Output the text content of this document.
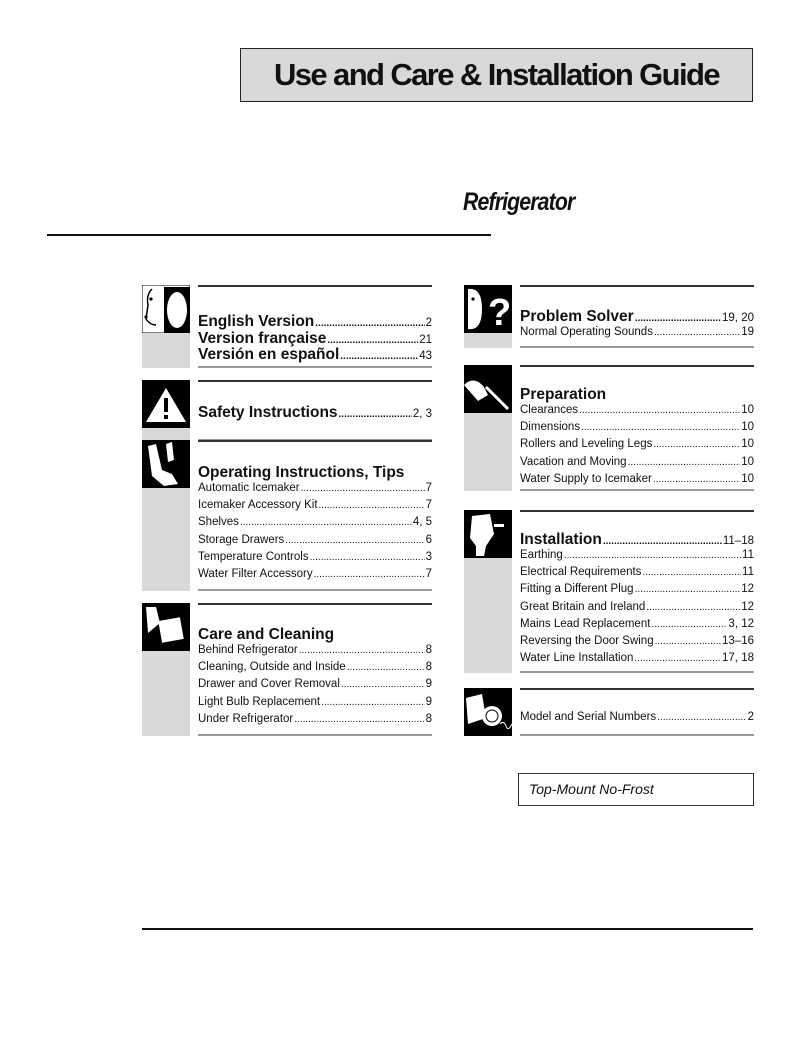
Use and Care & Installation Guide
Refrigerator
English Version .....	2
Version française .....	21
Versión en español .....	43
Safety Instructions .....	2, 3
Operating Instructions, Tips
Automatic Icemaker .....	7
Icemaker Accessory Kit .....	7
Shelves .....	4, 5
Storage Drawers .....	6
Temperature Controls .....	3
Water Filter Accessory .....	7
Care and Cleaning
Behind Refrigerator .....	8
Cleaning, Outside and Inside .....	8
Drawer and Cover Removal .....	9
Light Bulb Replacement .....	9
Under Refrigerator .....	8
? Problem Solver .....	19, 20
Normal Operating Sounds .....	19
Preparation
Clearances .....	10
Dimensions .....	10
Rollers and Leveling Legs .....	10
Vacation and Moving .....	10
Water Supply to Icemaker .....	10
Installation .....	11–18
Earthing .....	11
Electrical Requirements .....	11
Fitting a Different Plug .....	12
Great Britain and Ireland .....	12
Mains Lead Replacement .....	3, 12
Reversing the Door Swing .....	13–16
Water Line Installation .....	17, 18
Model and Serial Numbers .....	2
Top-Mount No-Frost
